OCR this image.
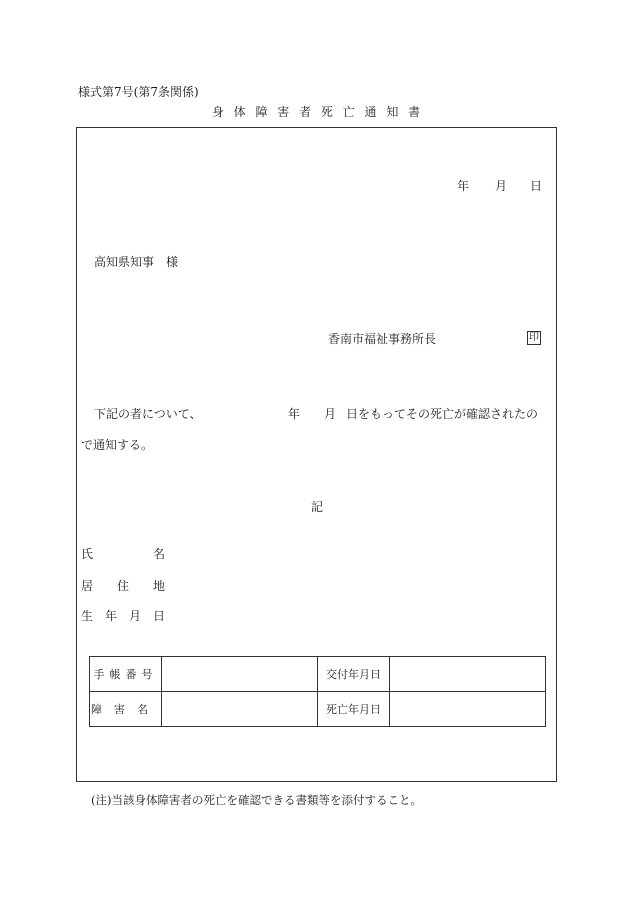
様式第7号(第7条関係)
身 体 障 害 者 死 亡 通 知 書
年 月 日
高知県知事　様
香南市福祉事務所長	印
下記の者について、	年 月 日をもってその死亡が確認されたの
で通知する。
記
氏	名
居 住 地
生 年 月 日
手帳番号		交付年月日	
障害名		死亡年月日	
(注)当該身体障害者の死亡を確認できる書類等を添付すること。
